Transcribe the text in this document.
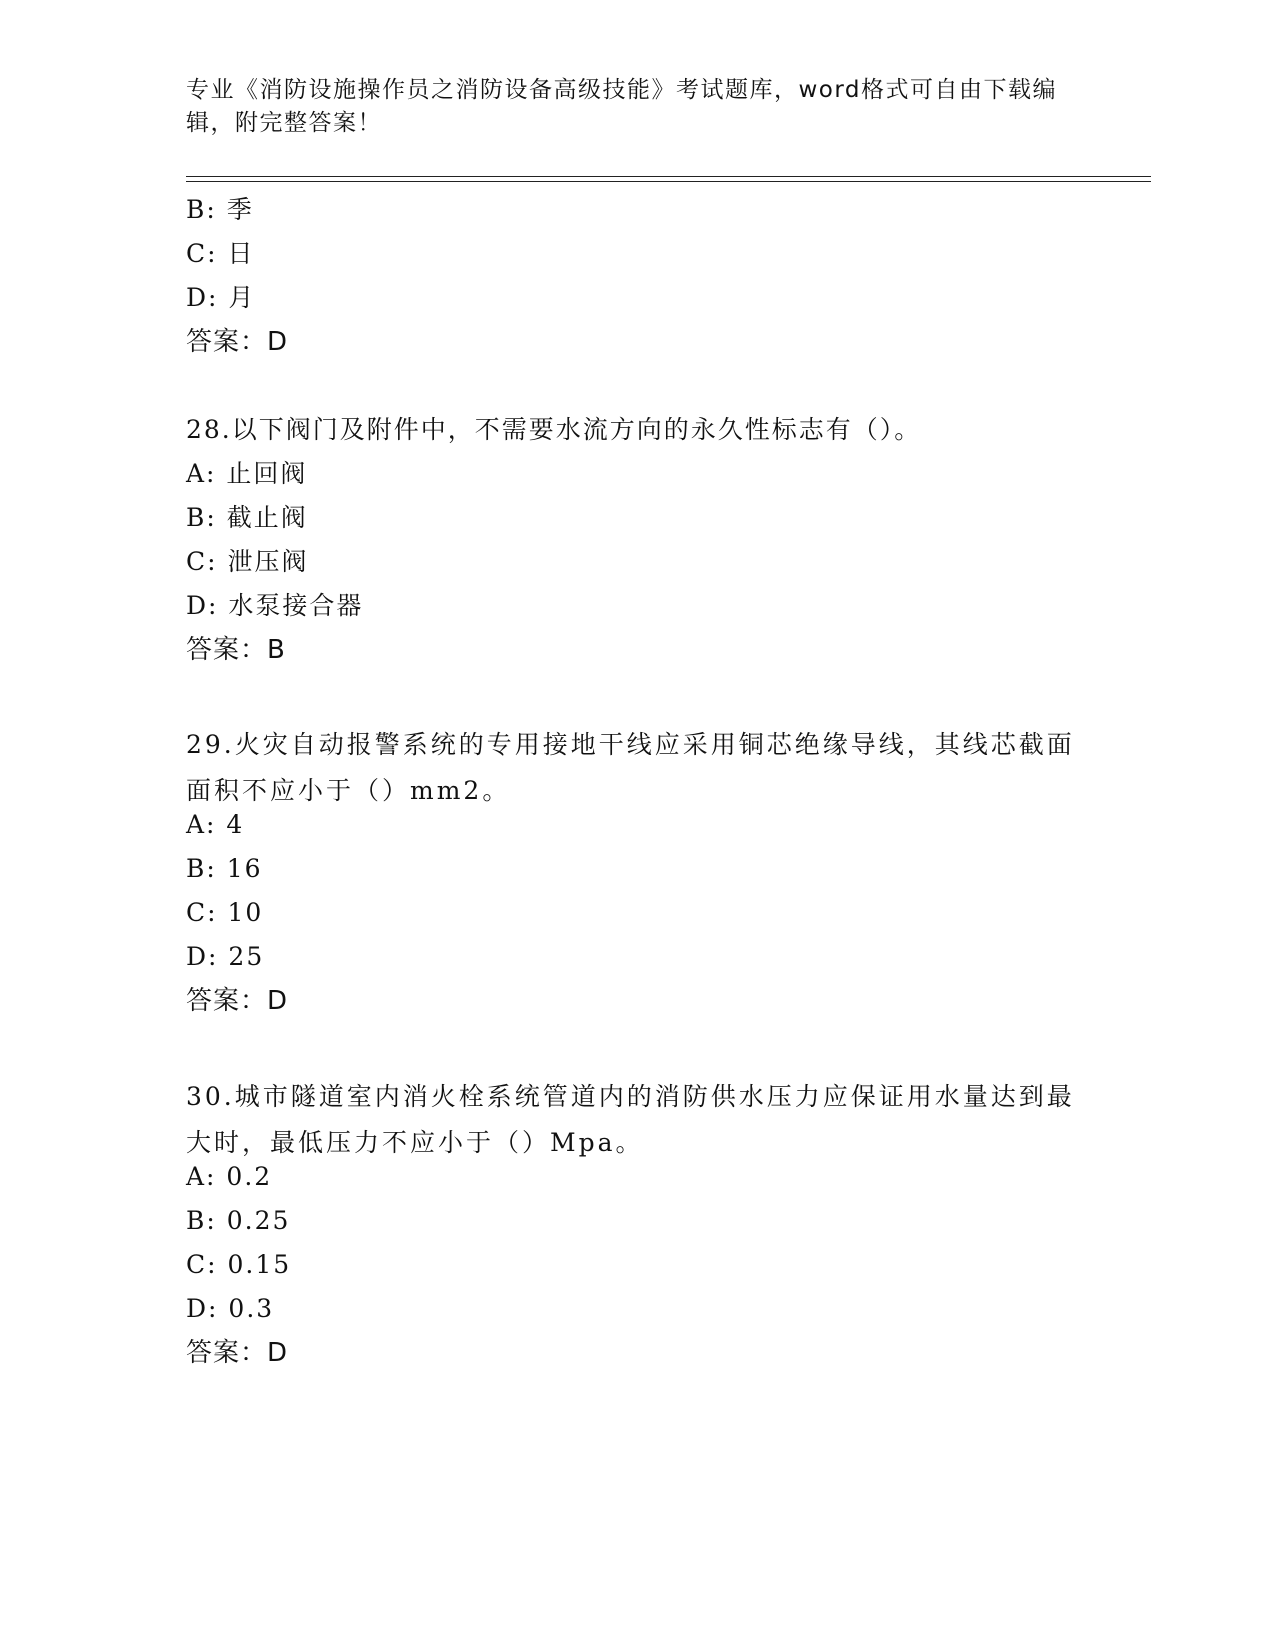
专业《消防设施操作员之消防设备高级技能》考试题库，word格式可自由下载编辑，附完整答案！
B: 季
C: 日
D: 月
答案：D
28.以下阀门及附件中，不需要水流方向的永久性标志有（）。
A: 止回阀
B: 截止阀
C: 泄压阀
D: 水泵接合器
答案：B
29.火灾自动报警系统的专用接地干线应采用铜芯绝缘导线，其线芯截面面积不应小于（）mm2。
A: 4
B: 16
C: 10
D: 25
答案：D
30.城市隧道室内消火栓系统管道内的消防供水压力应保证用水量达到最大时，最低压力不应小于（）Mpa。
A: 0.2
B: 0.25
C: 0.15
D: 0.3
答案：D
